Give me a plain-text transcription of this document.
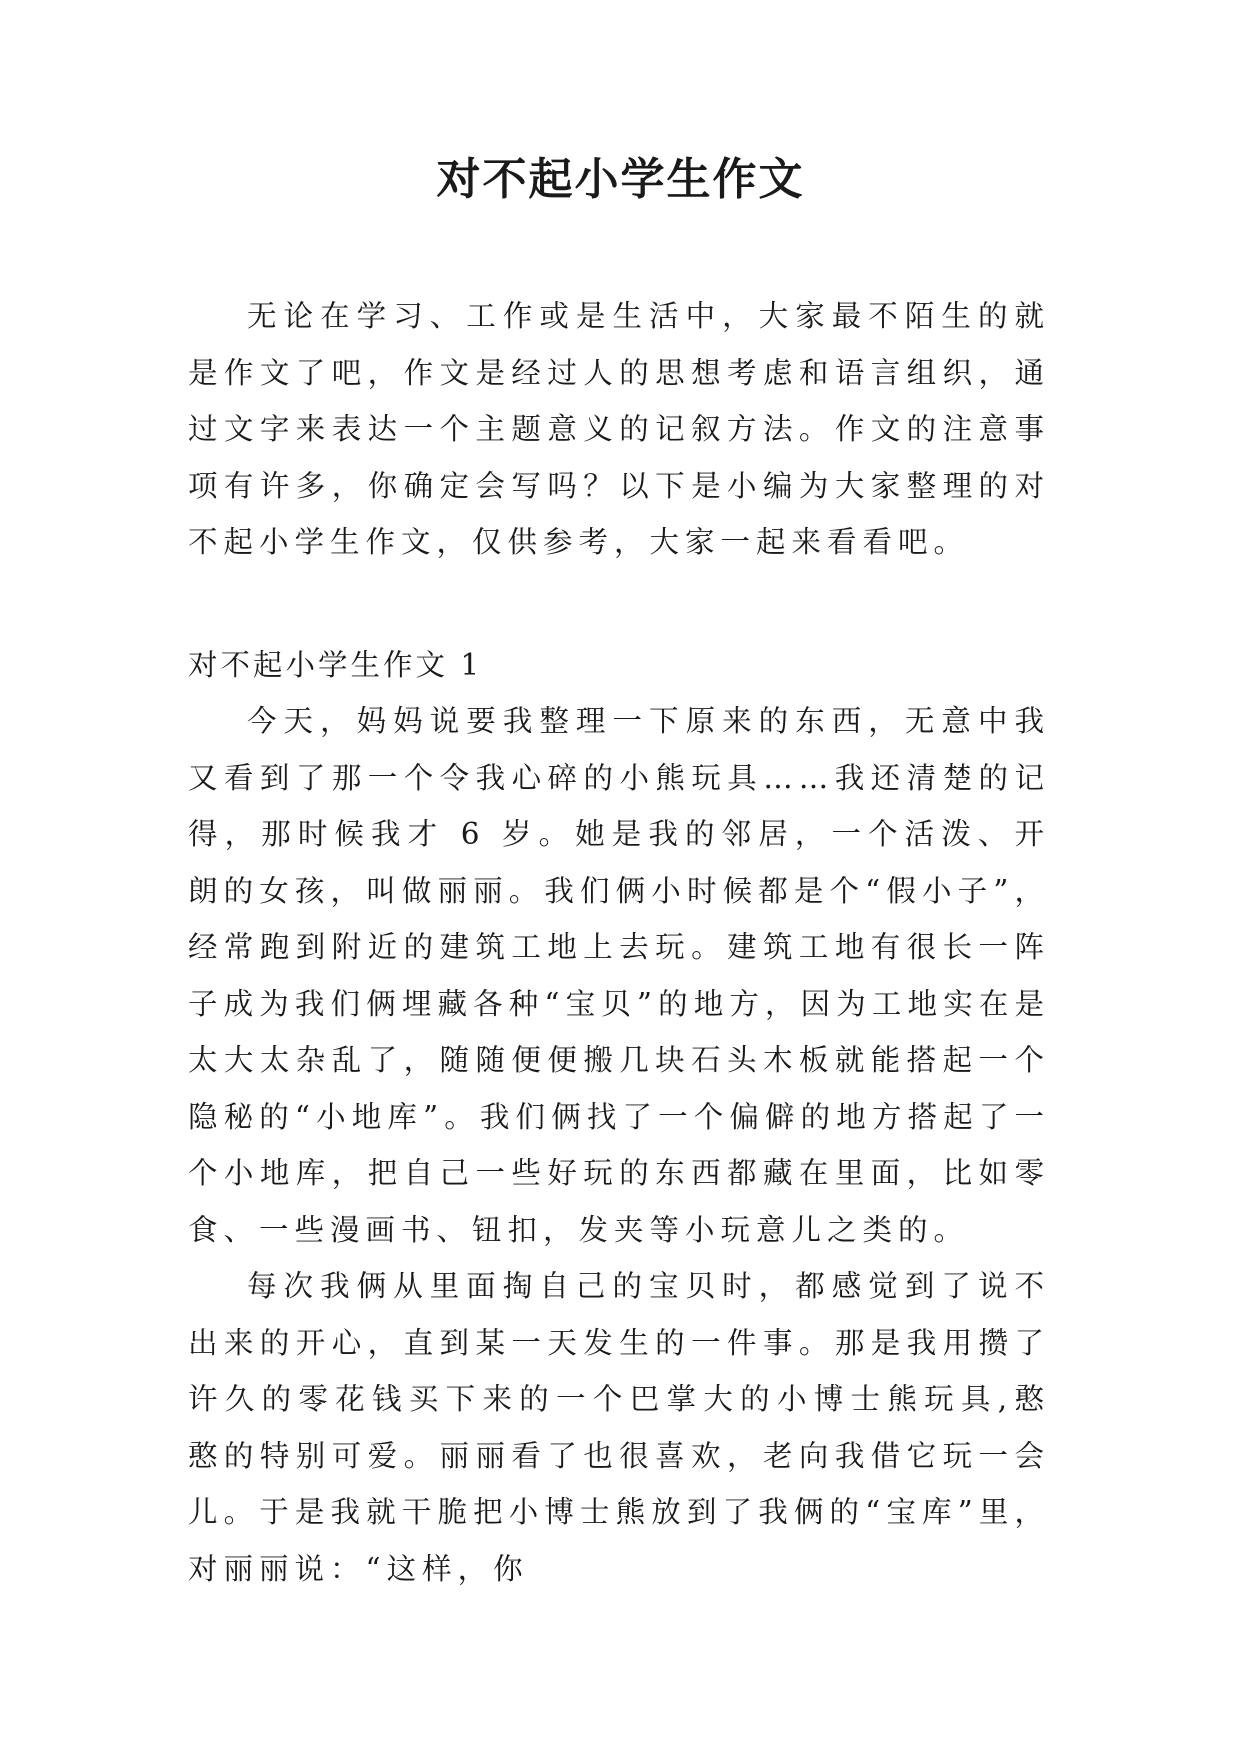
对不起小学生作文

无论在学习、工作或是生活中，大家最不陌生的就是作文了吧，作文是经过人的思想考虑和语言组织，通过文字来表达一个主题意义的记叙方法。作文的注意事项有许多，你确定会写吗？以下是小编为大家整理的对不起小学生作文，仅供参考，大家一起来看看吧。

对不起小学生作文 1

今天，妈妈说要我整理一下原来的东西，无意中我又看到了那一个令我心碎的小熊玩具……我还清楚的记得，那时候我才 6 岁。她是我的邻居，一个活泼、开朗的女孩，叫做丽丽。我们俩小时候都是个“假小子”，经常跑到附近的建筑工地上去玩。建筑工地有很长一阵子成为我们俩埋藏各种“宝贝”的地方，因为工地实在是太大太杂乱了，随随便便搬几块石头木板就能搭起一个隐秘的“小地库”。我们俩找了一个偏僻的地方搭起了一个小地库，把自己一些好玩的东西都藏在里面，比如零食、一些漫画书、钮扣，发夹等小玩意儿之类的。

每次我俩从里面掏自己的宝贝时，都感觉到了说不出来的开心，直到某一天发生的一件事。那是我用攒了许久的零花钱买下来的一个巴掌大的小博士熊玩具,憨憨的特别可爱。丽丽看了也很喜欢，老向我借它玩一会儿。于是我就干脆把小博士熊放到了我俩的“宝库”里，对丽丽说：“这样，你
